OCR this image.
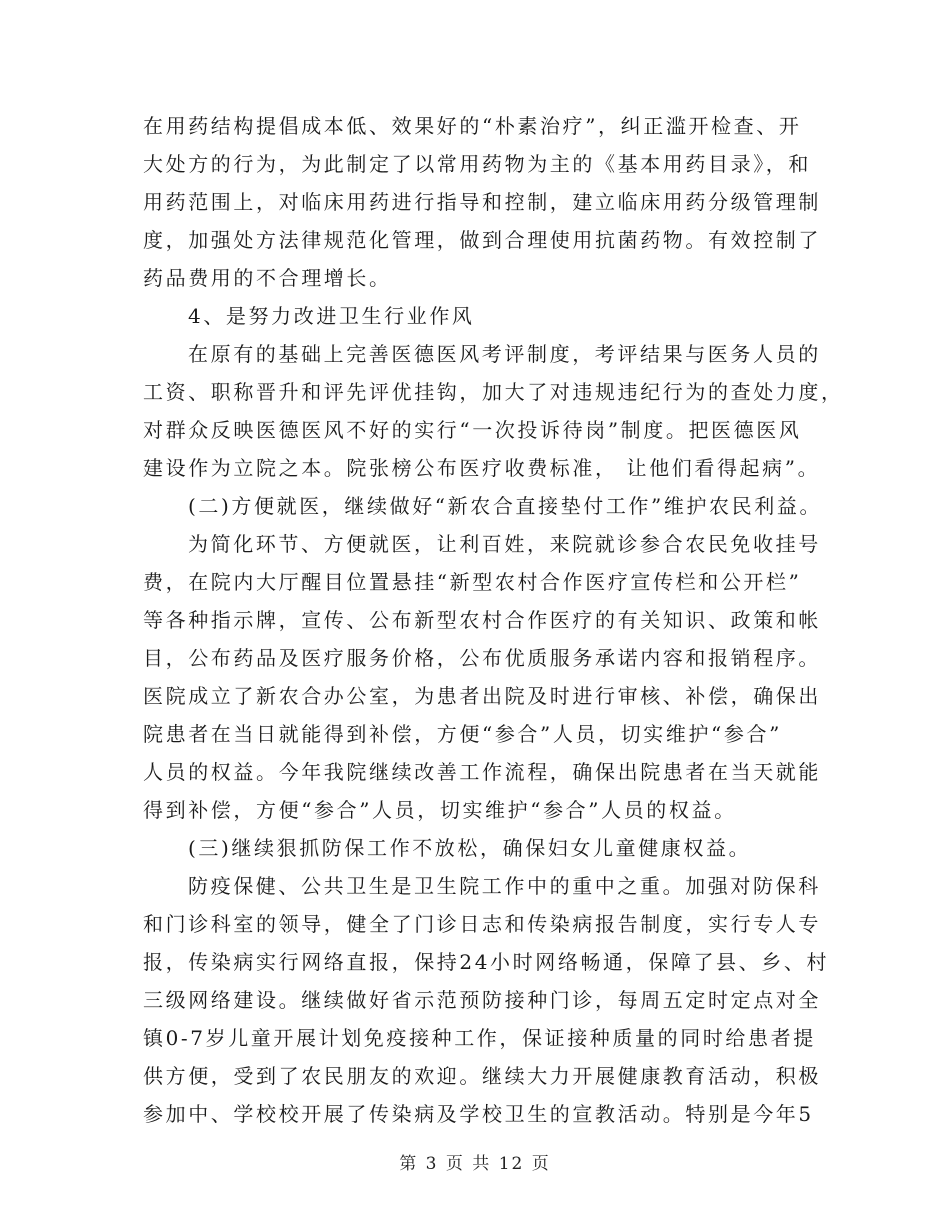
在用药结构提倡成本低、效果好的“朴素治疗”，纠正滥开检查、开
大处方的行为，为此制定了以常用药物为主的《基本用药目录》，和
用药范围上，对临床用药进行指导和控制，建立临床用药分级管理制
度，加强处方法律规范化管理，做到合理使用抗菌药物。有效控制了
药品费用的不合理增长。
4、是努力改进卫生行业作风
在原有的基础上完善医德医风考评制度，考评结果与医务人员的
工资、职称晋升和评先评优挂钩，加大了对违规违纪行为的查处力度，
对群众反映医德医风不好的实行“一次投诉待岗”制度。把医德医风
建设作为立院之本。院张榜公布医疗收费标准， 让他们看得起病”。
(二)方便就医，继续做好“新农合直接垫付工作”维护农民利益。
为简化环节、方便就医，让利百姓，来院就诊参合农民免收挂号
费，在院内大厅醒目位置悬挂“新型农村合作医疗宣传栏和公开栏”
等各种指示牌，宣传、公布新型农村合作医疗的有关知识、政策和帐
目，公布药品及医疗服务价格，公布优质服务承诺内容和报销程序。
医院成立了新农合办公室，为患者出院及时进行审核、补偿，确保出
院患者在当日就能得到补偿，方便“参合”人员，切实维护“参合”
人员的权益。今年我院继续改善工作流程，确保出院患者在当天就能
得到补偿，方便“参合”人员，切实维护“参合”人员的权益。
(三)继续狠抓防保工作不放松，确保妇女儿童健康权益。
防疫保健、公共卫生是卫生院工作中的重中之重。加强对防保科
和门诊科室的领导，健全了门诊日志和传染病报告制度，实行专人专
报，传染病实行网络直报，保持24小时网络畅通，保障了县、乡、村
三级网络建设。继续做好省示范预防接种门诊，每周五定时定点对全
镇0-7岁儿童开展计划免疫接种工作，保证接种质量的同时给患者提
供方便，受到了农民朋友的欢迎。继续大力开展健康教育活动，积极
参加中、学校校开展了传染病及学校卫生的宣教活动。特别是今年5
第 3 页 共 12 页
